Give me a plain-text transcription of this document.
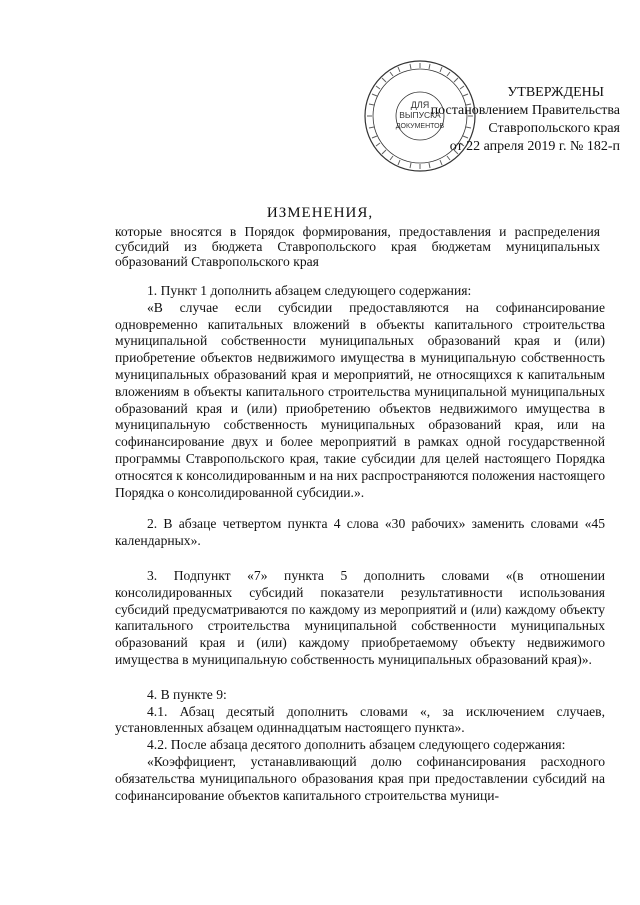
ДЛЯ
ВЫПУСКА
ДОКУМЕНТОВ
УТВЕРЖДЕНЫ
постановлением Правительства
Ставропольского края
от 22 апреля 2019 г. № 182-п
ИЗМЕНЕНИЯ,
которые вносятся в Порядок формирования, предоставления и распределения субсидий из бюджета Ставропольского края бюджетам муниципальных образований Ставропольского края

1. Пункт 1 дополнить абзацем следующего содержания:

«В случае если субсидии предоставляются на софинансирование одновременно капитальных вложений в объекты капитального строительства муниципальной собственности муниципальных образований края и (или) приобретение объектов недвижимого имущества в муниципальную собственность муниципальных образований края и мероприятий, не относящихся к капитальным вложениям в объекты капитального строительства муниципальной муниципальных образований края и (или) приобретению объектов недвижимого имущества в муниципальную собственность муниципальных образований края, или на софинансирование двух и более мероприятий в рамках одной государственной программы Ставропольского края, такие субсидии для целей настоящего Порядка относятся к консолидированным и на них распространяются положения настоящего Порядка о консолидированной субсидии.».

2. В абзаце четвертом пункта 4 слова «30 рабочих» заменить словами «45 календарных».

3. Подпункт «7» пункта 5 дополнить словами «(в отношении консолидированных субсидий показатели результативности использования субсидий предусматриваются по каждому из мероприятий и (или) каждому объекту капитального строительства муниципальной собственности муниципальных образований края и (или) каждому приобретаемому объекту недвижимого имущества в муниципальную собственность муниципальных образований края)».

4. В пункте 9:

4.1. Абзац десятый дополнить словами «, за исключением случаев, установленных абзацем одиннадцатым настоящего пункта».

4.2. После абзаца десятого дополнить абзацем следующего содержания:

«Коэффициент, устанавливающий долю софинансирования расходного обязательства муниципального образования края при предоставлении субсидий на софинансирование объектов капитального строительства муници-
